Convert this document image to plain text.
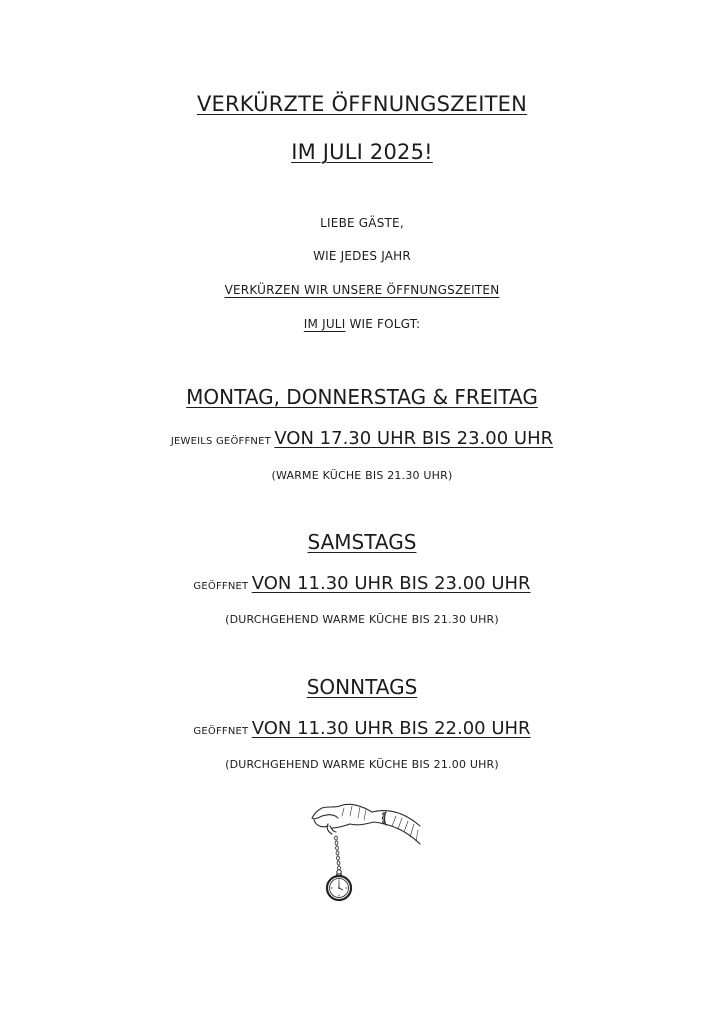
VERKÜRZTE ÖFFNUNGSZEITEN
IM JULI 2025!
LIEBE GÄSTE,
WIE JEDES JAHR
VERKÜRZEN WIR UNSERE ÖFFNUNGSZEITEN
IM JULI WIE FOLGT:
MONTAG, DONNERSTAG & FREITAG
JEWEILS GEÖFFNET VON 17.30 UHR BIS 23.00 UHR
(WARME KÜCHE BIS 21.30 UHR)
SAMSTAGS
GEÖFFNET VON 11.30 UHR BIS 23.00 UHR
(DURCHGEHEND WARME KÜCHE BIS 21.30 UHR)
SONNTAGS
GEÖFFNET VON 11.30 UHR BIS 22.00 UHR
(DURCHGEHEND WARME KÜCHE BIS 21.00 UHR)
